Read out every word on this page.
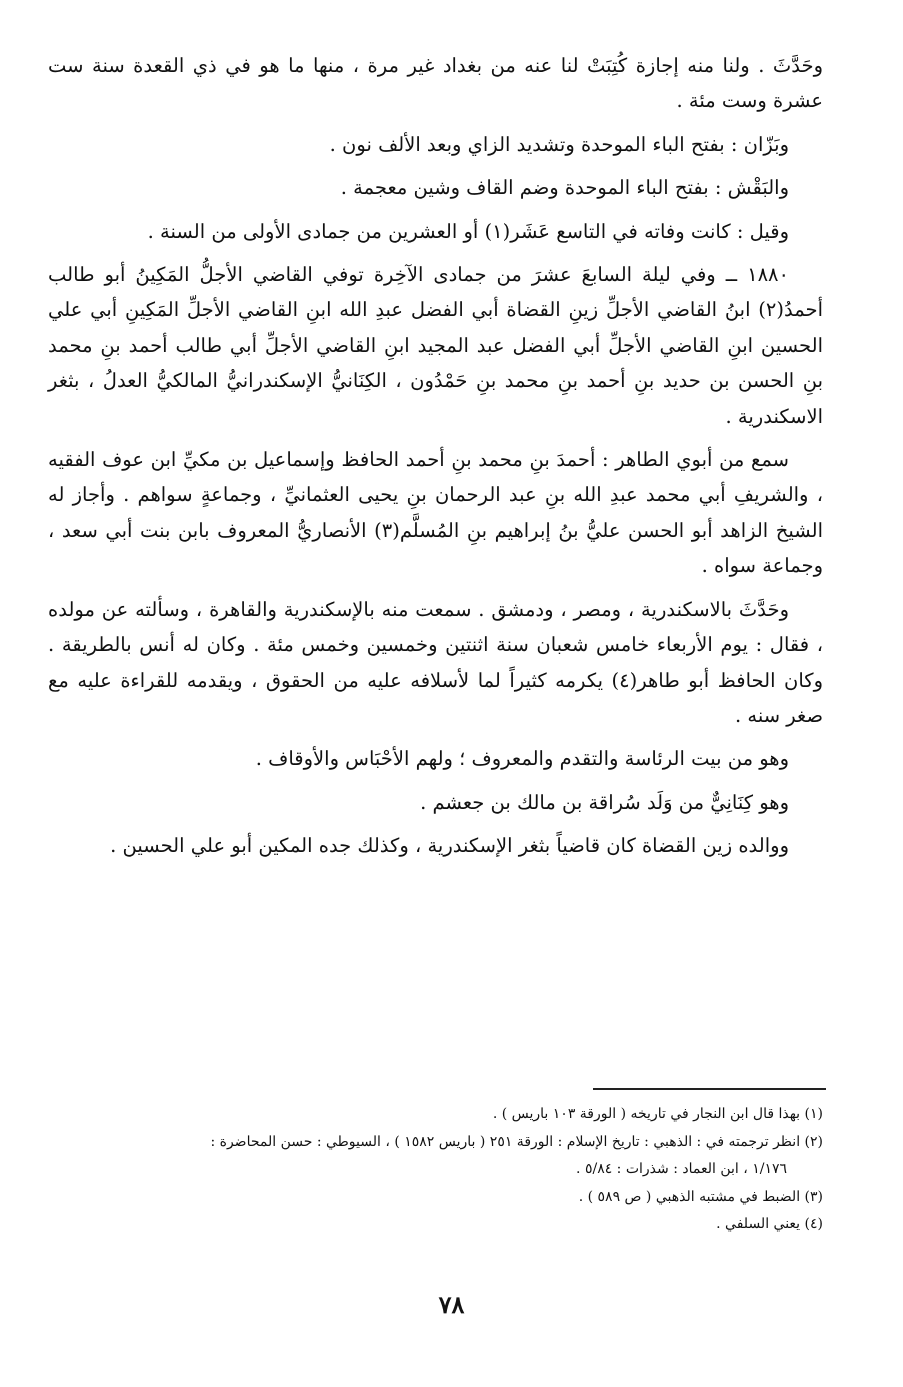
وحَدَّثَ . ولنا منه إجازة كُتِبَتْ لنا عنه من بغداد غير مرة ، منها ما هو في ذي القعدة سنة ست عشرة وست مئة .

وبَزّان : بفتح الباء الموحدة وتشديد الزاي وبعد الألف نون .

والبَقْش : بفتح الباء الموحدة وضم القاف وشين معجمة .

وقيل : كانت وفاته في التاسع عَشَر(١) أو العشرين من جمادى الأولى من السنة .

١٨٨٠ ــ وفي ليلة السابعَ عشرَ من جمادى الآخِرة توفي القاضي الأجلُّ المَكِينُ أبو طالب أحمدُ(٢) ابنُ القاضي الأجلِّ زينِ القضاة أبي الفضل عبدِ الله ابنِ القاضي الأجلِّ المَكِينِ أبي علي الحسين ابنِ القاضي الأجلِّ أبي الفضل عبد المجيد ابنِ القاضي الأجلِّ أبي طالب أحمد بنِ محمد بنِ الحسن بن حديد بنِ أحمد بنِ محمد بنِ حَمْدُون ، الكِنَانيُّ الإسكندرانيُّ المالكيُّ العدلُ ، بثغر الاسكندرية .

سمع من أبوي الطاهر : أحمدَ بنِ محمد بنِ أحمد الحافظ وإسماعيل بن مكيِّ ابن عوف الفقيه ، والشريفِ أبي محمد عبدِ الله بنِ عبد الرحمان بنِ يحيى العثمانيِّ ، وجماعةٍ سواهم . وأجاز له الشيخ الزاهد أبو الحسن عليُّ بنُ إبراهيم بنِ المُسلَّم(٣) الأنصاريُّ المعروف بابن بنت أبي سعد ، وجماعة سواه .

وحَدَّثَ بالاسكندرية ، ومصر ، ودمشق . سمعت منه بالإسكندرية والقاهرة ، وسألته عن مولده ، فقال : يوم الأربعاء خامس شعبان سنة اثنتين وخمسين وخمس مئة . وكان له أنس بالطريقة . وكان الحافظ أبو طاهر(٤) يكرمه كثيراً لما لأسلافه عليه من الحقوق ، ويقدمه للقراءة عليه مع صغر سنه .

وهو من بيت الرئاسة والتقدم والمعروف ؛ ولهم الأحْبَاس والأوقاف .

وهو كِنَانِيٌّ من وَلَد سُراقة بن مالك بن جعشم .

ووالده زين القضاة كان قاضياً بثغر الإسكندرية ، وكذلك جده المكين أبو علي الحسين .

(١) بهذا قال ابن النجار في تاريخه ( الورقة ١٠٣ باريس ) .

(٢) انظر ترجمته في : الذهبي : تاريخ الإسلام : الورقة ٢٥١ ( باريس ١٥٨٢ ) ، السيوطي : حسن المحاضرة :

١/١٧٦ ، ابن العماد : شذرات : ٥/٨٤ .

(٣) الضبط في مشتبه الذهبي ( ص ٥٨٩ ) .

(٤) يعني السلفي .

٧٨
